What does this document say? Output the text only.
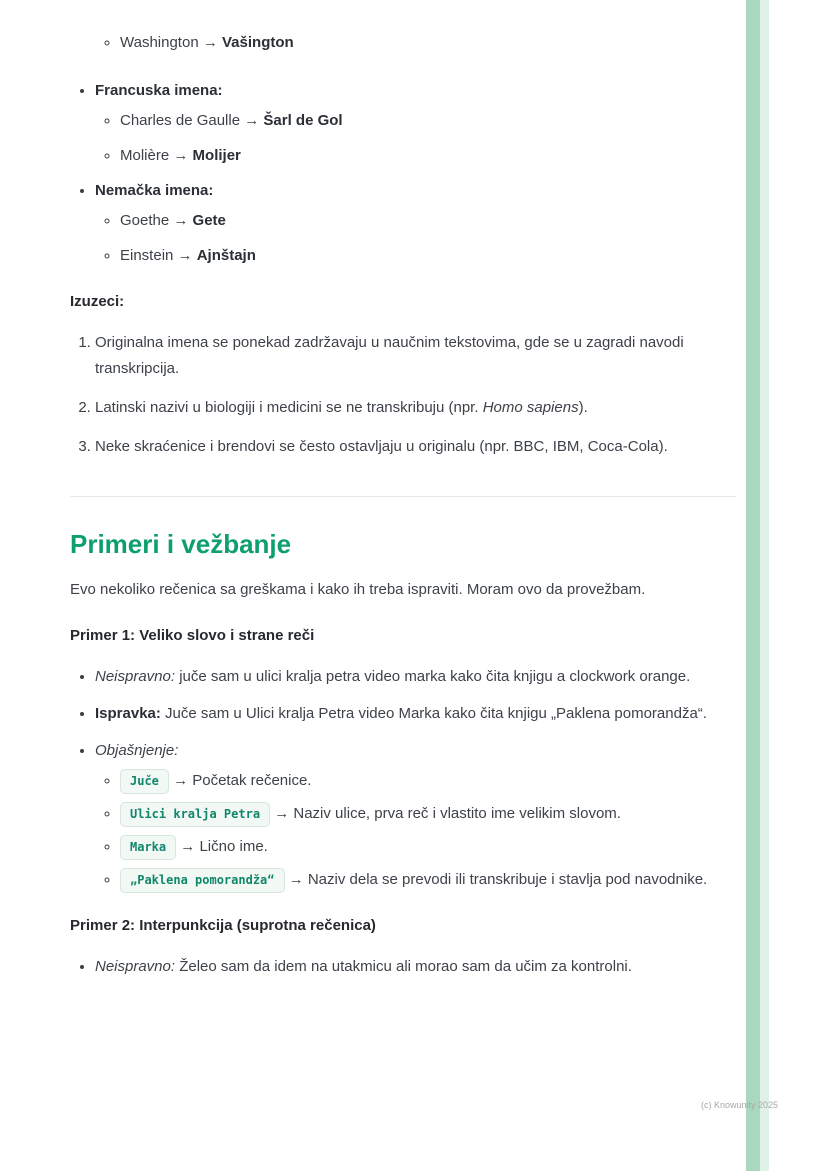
◦ Washington → Vašington
• Francuska imena:
◦ Charles de Gaulle → Šarl de Gol
◦ Molière → Molijer
• Nemačka imena:
◦ Goethe → Gete
◦ Einstein → Ajnštajn

Izuzeci:

1. Originalna imena se ponekad zadržavaju u naučnim tekstovima, gde se u zagradi navodi transkripcija.
2. Latinski nazivi u biologiji i medicini se ne transkribuju (npr. Homo sapiens).
3. Neke skraćenice i brendovi se često ostavljaju u originalu (npr. BBC, IBM, Coca-Cola).
Primeri i vežbanje

Evo nekoliko rečenica sa greškama i kako ih treba ispraviti. Moram ovo da provežbam.

Primer 1: Veliko slovo i strane reči

• Neispravno: juče sam u ulici kralja petra video marka kako čita knjigu a clockwork orange.
• Ispravka: Juče sam u Ulici kralja Petra video Marka kako čita knjigu „Paklena pomorandža“.
• Objašnjenje:
◦ Juče → Početak rečenice.
◦ Ulici kralja Petra → Naziv ulice, prva reč i vlastito ime velikim slovom.
◦ Marka → Lično ime.
◦ „Paklena pomorandža“ → Naziv dela se prevodi ili transkribuje i stavlja pod navodnike.

Primer 2: Interpunkcija (suprotna rečenica)

• Neispravno: Želeo sam da idem na utakmicu ali morao sam da učim za kontrolni.
(c) Knowunity 2025
